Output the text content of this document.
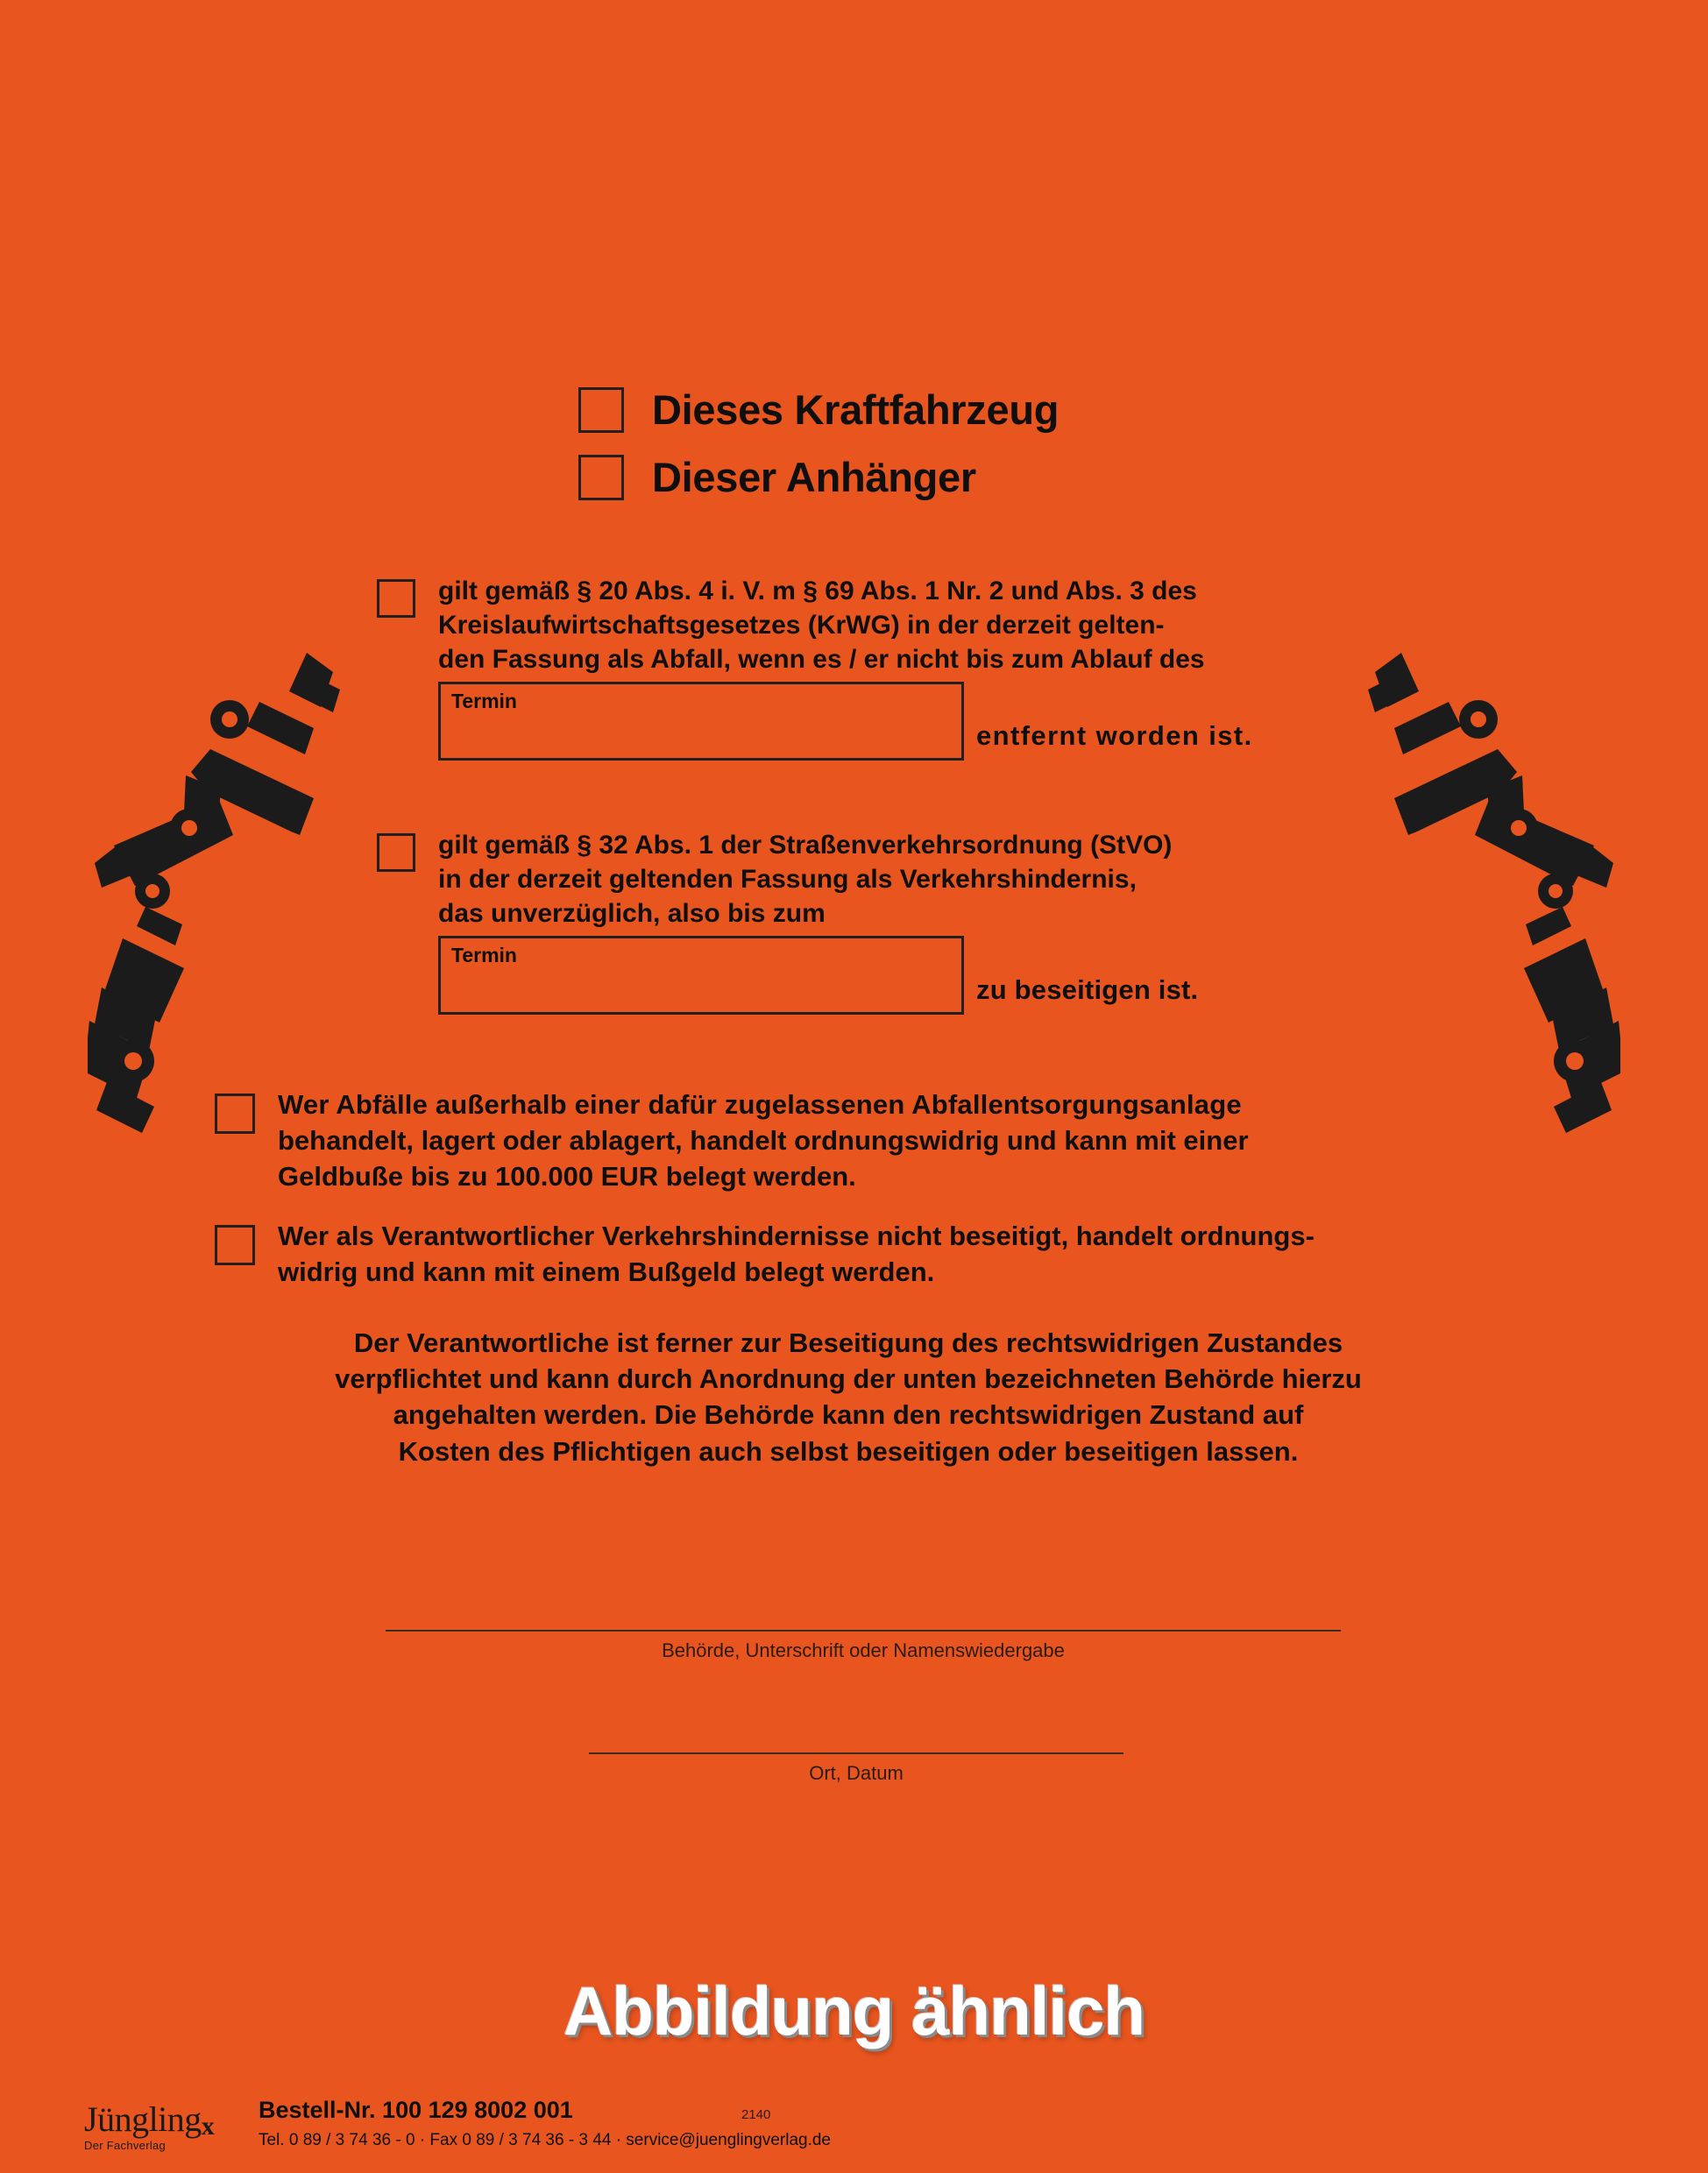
Dieses Kraftfahrzeug
Dieser Anhänger
gilt gemäß § 20 Abs. 4 i. V. m § 69 Abs. 1 Nr. 2 und Abs. 3 des
Kreislaufwirtschaftsgesetzes (KrWG) in der derzeit gelten-
den Fassung als Abfall, wenn es / er nicht bis zum Ablauf des
Termin
entfernt worden ist.
gilt gemäß § 32 Abs. 1 der Straßenverkehrsordnung (StVO)
in der derzeit geltenden Fassung als Verkehrshindernis,
das unverzüglich, also bis zum
Termin
zu beseitigen ist.
Wer Abfälle außerhalb einer dafür zugelassenen Abfallentsorgungsanlage
behandelt, lagert oder ablagert, handelt ordnungswidrig und kann mit einer
Geldbuße bis zu 100.000 EUR belegt werden.
Wer als Verantwortlicher Verkehrshindernisse nicht beseitigt, handelt ordnungs-
widrig und kann mit einem Bußgeld belegt werden.
Der Verantwortliche ist ferner zur Beseitigung des rechtswidrigen Zustandes
verpflichtet und kann durch Anordnung der unten bezeichneten Behörde hierzu
angehalten werden. Die Behörde kann den rechtswidrigen Zustand auf
Kosten des Pflichtigen auch selbst beseitigen oder beseitigen lassen.
Behörde, Unterschrift oder Namenswiedergabe
Ort, Datum
Jünglingx
Der Fachverlag
Bestell-Nr. 100 129 8002 001
Tel. 0 89 / 3 74 36 - 0 · Fax 0 89 / 3 74 36 - 3 44 · service@juenglingverlag.de
2140
Abbildung ähnlich
